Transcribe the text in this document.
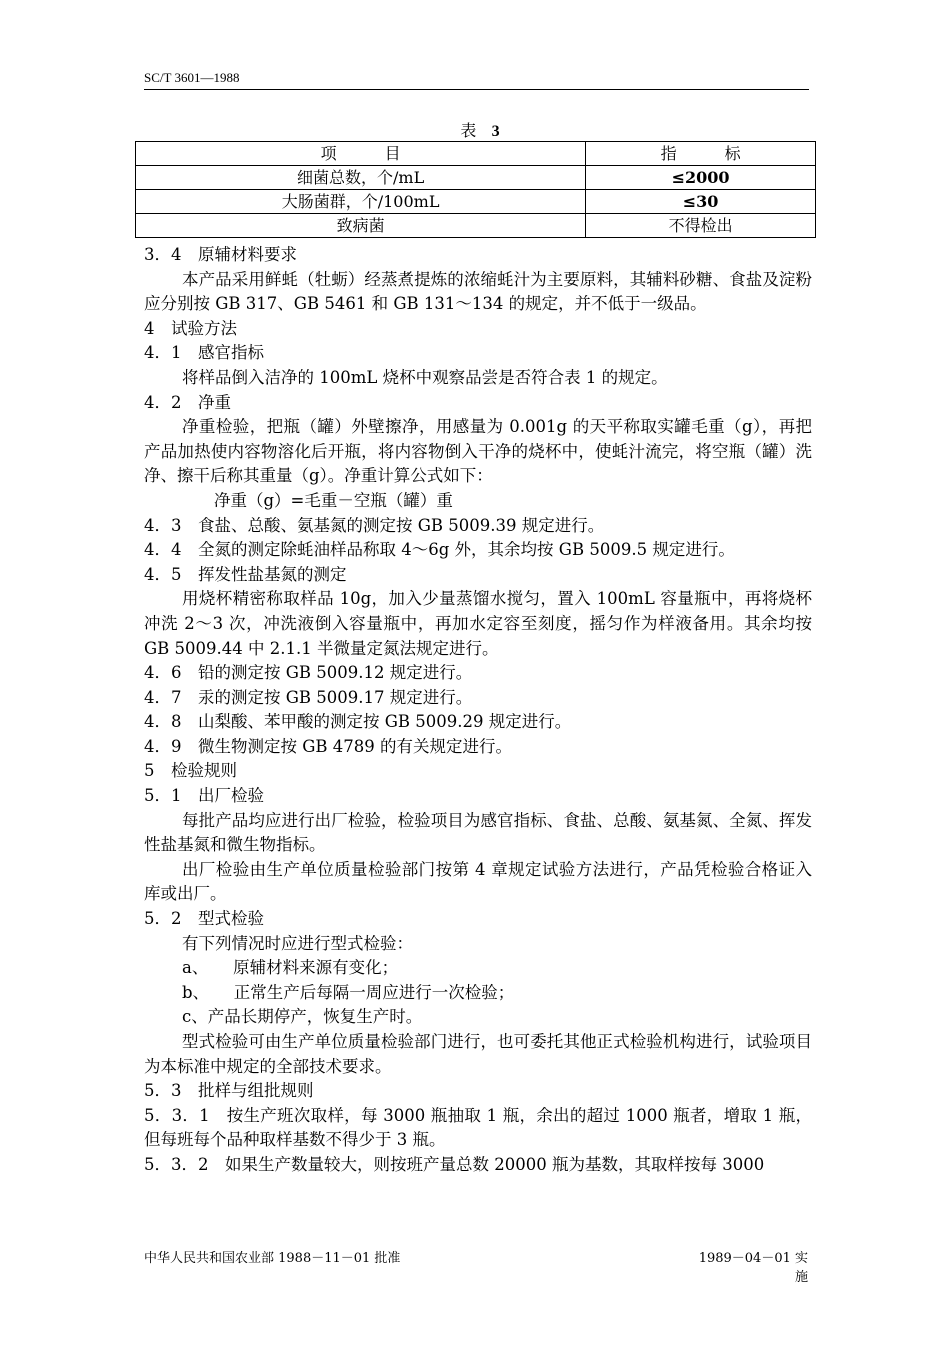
SC/T 3601—1988
表 3
项　　　目	指　　　标
细菌总数，个/mL	≤2000
大肠菌群，个/100mL	≤30
致病菌	不得检出

3．4　原辅材料要求

本产品采用鲜蚝（牡蛎）经蒸煮提炼的浓缩蚝汁为主要原料，其辅料砂糖、食盐及淀粉应分别按 GB 317、GB 5461 和 GB 131～134 的规定，并不低于一级品。

4　试验方法

4．1　感官指标

将样品倒入洁净的 100mL 烧杯中观察品尝是否符合表 1 的规定。

4．2　净重

净重检验，把瓶（罐）外壁擦净，用感量为 0.001g 的天平称取实罐毛重（g），再把产品加热使内容物溶化后开瓶，将内容物倒入干净的烧杯中，使蚝汁流完，将空瓶（罐）洗净、擦干后称其重量（g）。净重计算公式如下：

净重（g）=毛重－空瓶（罐）重

4．3　食盐、总酸、氨基氮的测定按 GB 5009.39 规定进行。

4．4　全氮的测定除蚝油样品称取 4～6g 外，其余均按 GB 5009.5 规定进行。

4．5　挥发性盐基氮的测定

用烧杯精密称取样品 10g，加入少量蒸馏水搅匀，置入 100mL 容量瓶中，再将烧杯冲洗 2～3 次，冲洗液倒入容量瓶中，再加水定容至刻度，摇匀作为样液备用。其余均按 GB 5009.44 中 2.1.1 半微量定氮法规定进行。

4．6　铅的测定按 GB 5009.12 规定进行。

4．7　汞的测定按 GB 5009.17 规定进行。

4．8　山梨酸、苯甲酸的测定按 GB 5009.29 规定进行。

4．9　微生物测定按 GB 4789 的有关规定进行。

5　检验规则

5．1　出厂检验

每批产品均应进行出厂检验，检验项目为感官指标、食盐、总酸、氨基氮、全氮、挥发性盐基氮和微生物指标。

出厂检验由生产单位质量检验部门按第 4 章规定试验方法进行，产品凭检验合格证入库或出厂。

5．2　型式检验

有下列情况时应进行型式检验：

a、　　原辅材料来源有变化；

b、　　正常生产后每隔一周应进行一次检验；

c、产品长期停产，恢复生产时。

型式检验可由生产单位质量检验部门进行，也可委托其他正式检验机构进行，试验项目为本标准中规定的全部技术要求。

5．3　批样与组批规则

5．3．1　按生产班次取样，每 3000 瓶抽取 1 瓶，余出的超过 1000 瓶者，增取 1 瓶，但每班每个品种取样基数不得少于 3 瓶。

5．3．2　如果生产数量较大，则按班产量总数 20000 瓶为基数，其取样按每 3000

中华人民共和国农业部 1988－11－01 批准	1989－04－01 实施
